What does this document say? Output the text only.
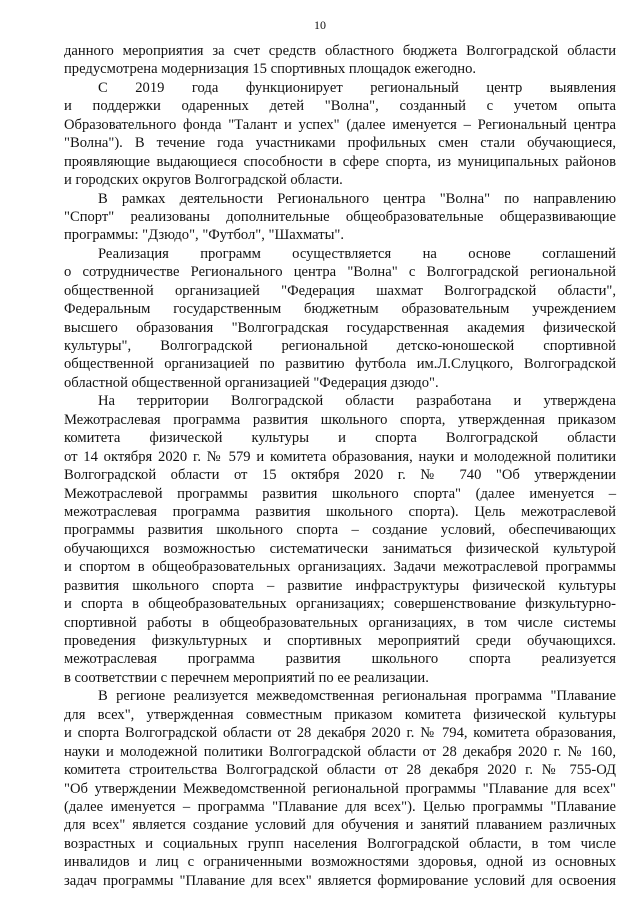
10
данного мероприятия за счет средств областного бюджета Волгоградской области
предусмотрена модернизация 15 спортивных площадок ежегодно.
С 2019 года функционирует региональный центр выявления
и поддержки одаренных детей "Волна", созданный с учетом опыта
Образовательного фонда "Талант и успех" (далее именуется – Региональный центра
"Волна"). В течение года участниками профильных смен стали обучающиеся,
проявляющие выдающиеся способности в сфере спорта, из муниципальных районов
и городских округов Волгоградской области.
В рамках деятельности Регионального центра "Волна" по направлению
"Спорт" реализованы дополнительные общеобразовательные общеразвивающие
программы: "Дзюдо", "Футбол", "Шахматы".
Реализация программ осуществляется на основе соглашений
о сотрудничестве Регионального центра "Волна" с Волгоградской региональной
общественной организацией "Федерация шахмат Волгоградской области",
Федеральным государственным бюджетным образовательным учреждением
высшего образования "Волгоградская государственная академия физической
культуры", Волгоградской региональной детско-юношеской спортивной
общественной организацией по развитию футбола им.Л.Слуцкого, Волгоградской
областной общественной организацией "Федерация дзюдо".
На территории Волгоградской области разработана и утверждена
Межотраслевая программа развития школьного спорта, утвержденная приказом
комитета физической культуры и спорта Волгоградской области
от 14 октября 2020 г. № 579 и комитета образования, науки и молодежной политики
Волгоградской области от 15 октября 2020 г. № 740 "Об утверждении
Межотраслевой программы развития школьного спорта" (далее именуется –
межотраслевая программа развития школьного спорта). Цель межотраслевой
программы развития школьного спорта – создание условий, обеспечивающих
обучающихся возможностью систематически заниматься физической культурой
и спортом в общеобразовательных организациях. Задачи межотраслевой программы
развития школьного спорта – развитие инфраструктуры физической культуры
и спорта в общеобразовательных организациях; совершенствование физкультурно-
спортивной работы в общеобразовательных организациях, в том числе системы
проведения физкультурных и спортивных мероприятий среди обучающихся.
межотраслевая программа развития школьного спорта реализуется
в соответствии с перечнем мероприятий по ее реализации.
В регионе реализуется межведомственная региональная программа "Плавание
для всех", утвержденная совместным приказом комитета физической культуры
и спорта Волгоградской области от 28 декабря 2020 г. № 794, комитета образования,
науки и молодежной политики Волгоградской области от 28 декабря 2020 г. № 160,
комитета строительства Волгоградской области от 28 декабря 2020 г. № 755-ОД
"Об утверждении Межведомственной региональной программы "Плавание для всех"
(далее именуется – программа "Плавание для всех"). Целью программы "Плавание
для всех" является создание условий для обучения и занятий плаванием различных
возрастных и социальных групп населения Волгоградской области, в том числе
инвалидов и лиц с ограниченными возможностями здоровья, одной из основных
задач программы "Плавание для всех" является формирование условий для освоения
